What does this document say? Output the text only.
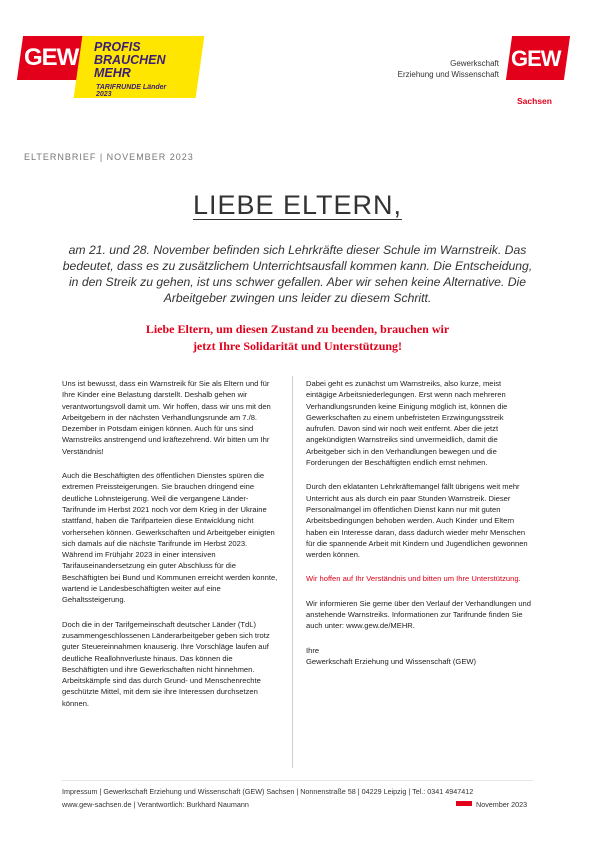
GEW PROFIS
BRAUCHEN
MEHR
TARIFRUNDE Länder 2023
Gewerkschaft
Erziehung und Wissenschaft
GEW
Sachsen
ELTERNBRIEF | NOVEMBER 2023
LIEBE ELTERN,
am 21. und 28. November befinden sich Lehrkräfte dieser Schule im Warnstreik. Das bedeutet, dass es zu zusätzlichem Unterrichtsausfall kommen kann. Die Entscheidung, in den Streik zu gehen, ist uns schwer gefallen. Aber wir sehen keine Alternative. Die Arbeitgeber zwingen uns leider zu diesem Schritt.
Liebe Eltern, um diesen Zustand zu beenden, brauchen wir
jetzt Ihre Solidarität und Unterstützung!

Uns ist bewusst, dass ein Warnstreik für Sie als Eltern und für Ihre Kinder eine Belastung darstellt. Deshalb gehen wir verantwortungsvoll damit um. Wir hoffen, dass wir uns mit den Arbeitgebern in der nächsten Verhandlungsrunde am 7./8. Dezember in Potsdam einigen können. Auch für uns sind Warnstreiks anstrengend und kräftezehrend. Wir bitten um Ihr Verständnis!

Auch die Beschäftigten des öffentlichen Dienstes spüren die extremen Preissteigerungen. Sie brauchen dringend eine deutliche Lohnsteigerung. Weil die vergangene Länder-Tarifrunde im Herbst 2021 noch vor dem Krieg in der Ukraine stattfand, haben die Tarifparteien diese Entwicklung nicht vorhersehen können. Gewerkschaften und Arbeitgeber einigten sich damals auf die nächste Tarifrunde im Herbst 2023. Während im Frühjahr 2023 in einer intensiven Tarifauseinandersetzung ein guter Abschluss für die Beschäftigten bei Bund und Kommunen erreicht werden konnte, wartend ie Landesbeschäftigten weiter auf eine Gehaltssteigerung.

Doch die in der Tarifgemeinschaft deutscher Länder (TdL) zusammengeschlossenen Länderarbeitgeber geben sich trotz guter Steuereinnahmen knauserig. Ihre Vorschläge laufen auf deutliche Reallohnverluste hinaus. Das können die Beschäftigten und ihre Gewerkschaften nicht hinnehmen. Arbeitskämpfe sind das durch Grund- und Menschenrechte geschützte Mittel, mit dem sie ihre Interessen durchsetzen können.

Dabei geht es zunächst um Warnstreiks, also kurze, meist eintägige Arbeitsniederlegungen. Erst wenn nach mehreren Verhandlungsrunden keine Einigung möglich ist, können die Gewerkschaften zu einem unbefristeten Erzwingungsstreik aufrufen. Davon sind wir noch weit entfernt. Aber die jetzt angekündigten Warnstreiks sind unvermeidlich, damit die Arbeitgeber sich in den Verhandlungen bewegen und die Forderungen der Beschäftigten endlich ernst nehmen.

Durch den eklatanten Lehrkräftemangel fällt übrigens weit mehr Unterricht aus als durch ein paar Stunden Warnstreik. Dieser Personalmangel im öffentlichen Dienst kann nur mit guten Arbeitsbedingungen behoben werden. Auch Kinder und Eltern haben ein Interesse daran, dass dadurch wieder mehr Menschen für die spannende Arbeit mit Kindern und Jugendlichen gewonnen werden können.

Wir hoffen auf Ihr Verständnis und bitten um Ihre Unterstützung.

Wir informieren Sie gerne über den Verlauf der Verhandlungen und anstehende Warnstreiks. Informationen zur Tarifrunde finden Sie auch unter: www.gew.de/MEHR.

Ihre
Gewerkschaft Erziehung und Wissenschaft (GEW)

Impressum | Gewerkschaft Erziehung und Wissenschaft (GEW) Sachsen | Nonnenstraße 58 | 04229 Leipzig | Tel.: 0341 4947412
www.gew-sachsen.de | Verantwortlich: Burkhard Naumann	November 2023
